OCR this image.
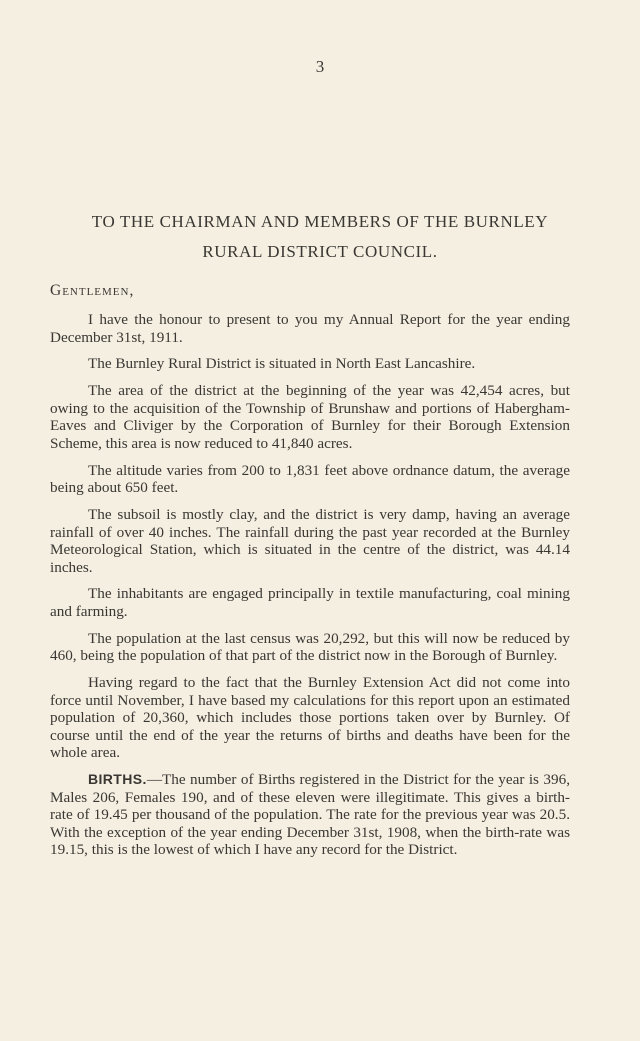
3
TO THE CHAIRMAN AND MEMBERS OF THE BURNLEY
RURAL DISTRICT COUNCIL.
Gentlemen,

I have the honour to present to you my Annual Report for the year ending December 31st, 1911.

The Burnley Rural District is situated in North East Lancashire.

The area of the district at the beginning of the year was 42,454 acres, but owing to the acquisition of the Township of Brunshaw and portions of Habergham-Eaves and Cliviger by the Corporation of Burnley for their Borough Extension Scheme, this area is now reduced to 41,840 acres.

The altitude varies from 200 to 1,831 feet above ordnance datum, the average being about 650 feet.

The subsoil is mostly clay, and the district is very damp, having an average rainfall of over 40 inches. The rainfall during the past year recorded at the Burnley Meteorological Station, which is situated in the centre of the district, was 44.14 inches.

The inhabitants are engaged principally in textile manufacturing, coal mining and farming.

The population at the last census was 20,292, but this will now be reduced by 460, being the population of that part of the district now in the Borough of Burnley.

Having regard to the fact that the Burnley Extension Act did not come into force until November, I have based my calculations for this report upon an estimated population of 20,360, which includes those portions taken over by Burnley. Of course until the end of the year the returns of births and deaths have been for the whole area.

BIRTHS.—The number of Births registered in the District for the year is 396, Males 206, Females 190, and of these eleven were illegitimate. This gives a birth-rate of 19.45 per thousand of the population. The rate for the previous year was 20.5. With the exception of the year ending December 31st, 1908, when the birth-rate was 19.15, this is the lowest of which I have any record for the District.
